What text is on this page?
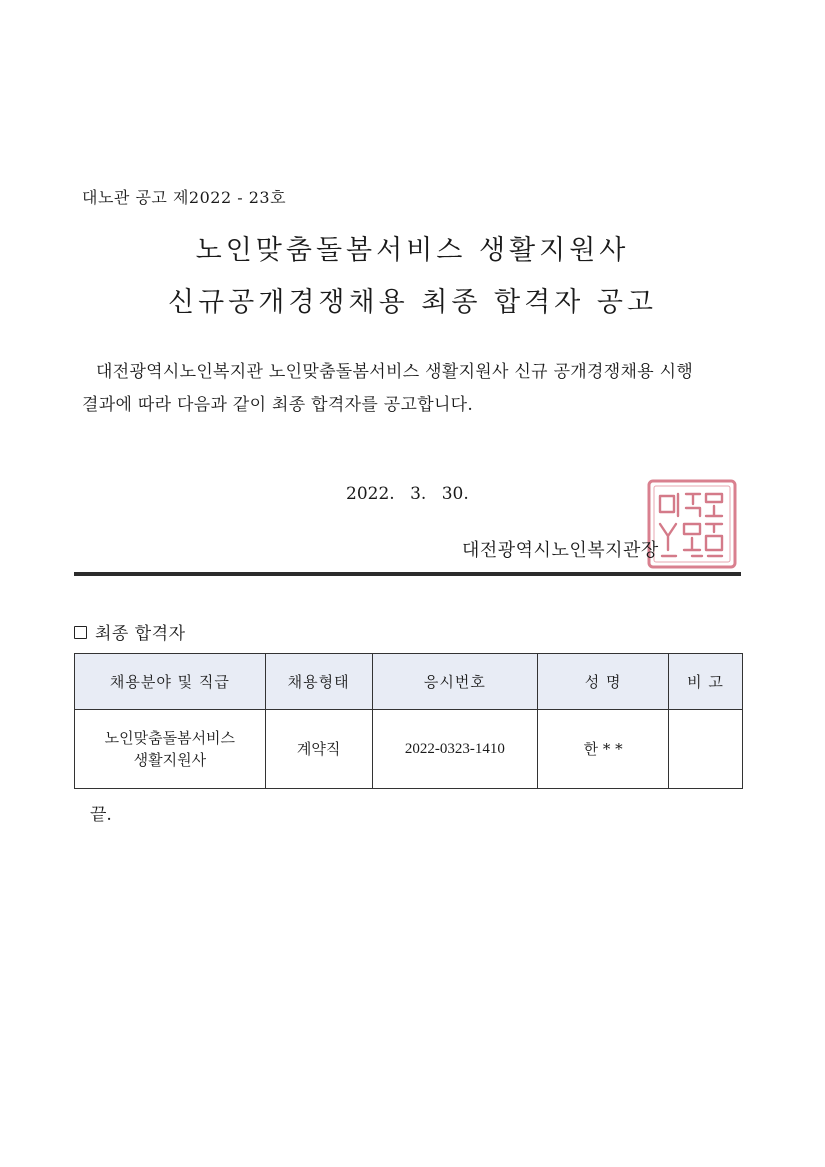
대노관 공고 제2022 - 23호
노인맞춤돌봄서비스 생활지원사
신규공개경쟁채용 최종 합격자 공고

대전광역시노인복지관 노인맞춤돌봄서비스 생활지원사 신규 공개경쟁채용 시행
결과에 따라 다음과 같이 최종 합격자를 공고합니다.

2022. 3. 30.
대전광역시노인복지관장
최종 합격자
채용분야 및 직급	채용형태	응시번호	성 명	비 고
노인맞춤돌봄서비스
생활지원사	계약직	2022-0323-1410	한 * *	
끝.
